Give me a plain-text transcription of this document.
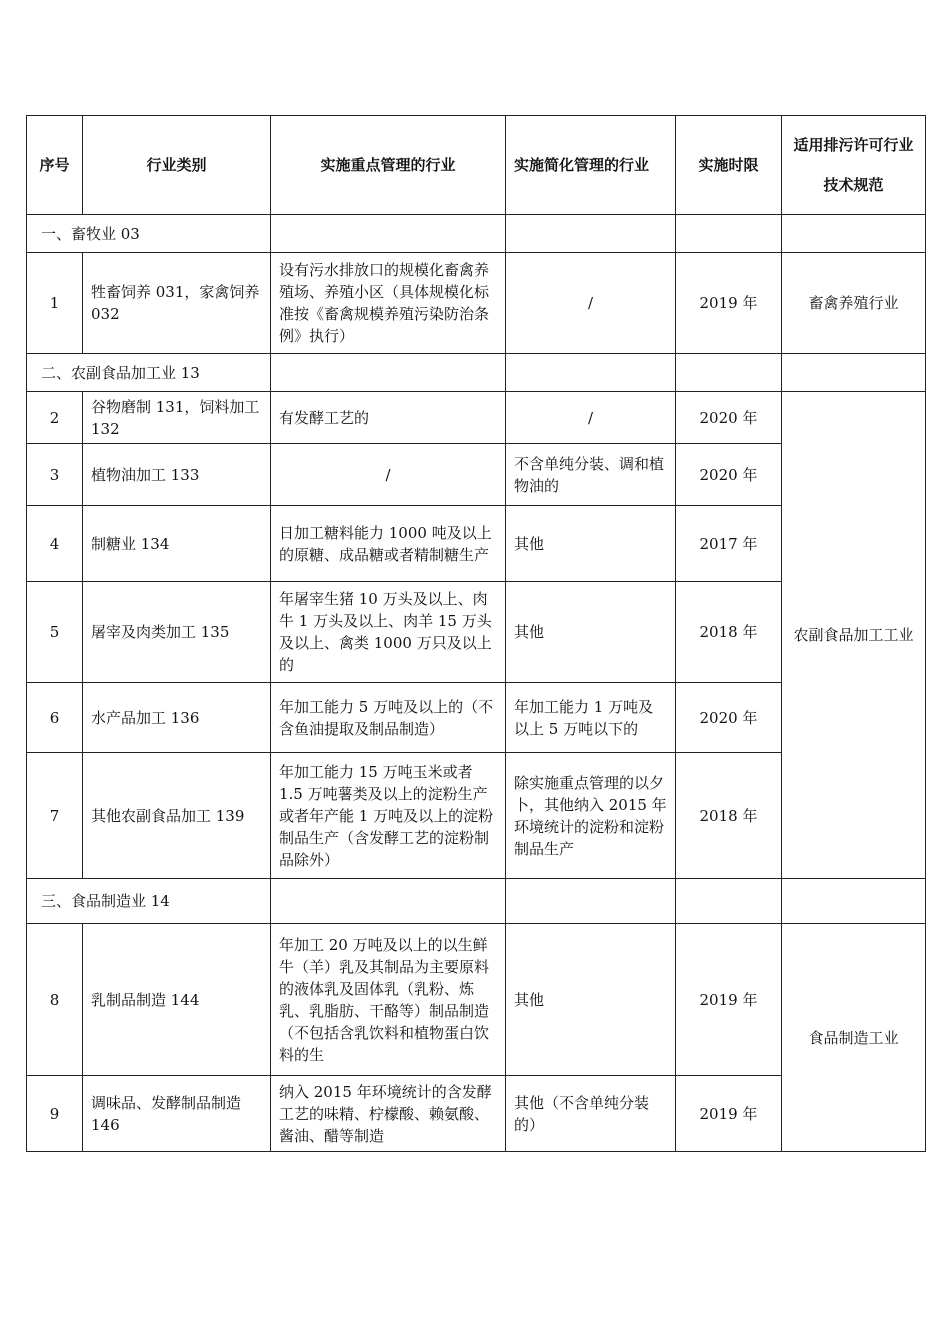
序号	行业类别	实施重点管理的行业	实施简化管理的行业	实施时限	适用排污许可行业
技术规范

一、畜牧业 03					
1	牲畜饲养 031，家禽饲养 032	设有污水排放口的规模化畜禽养殖场、养殖小区（具体规模化标准按《畜禽规模养殖污染防治条例》执行）	/	2019 年	畜禽养殖行业
二、农副食品加工业 13					
2	谷物磨制 131，饲料加工 132	有发酵工艺的	/	2020 年	农副食品加工工业
3	植物油加工 133	/	不含单纯分装、调和植物油的	2020 年	
4	制糖业 134	日加工糖料能力 1000 吨及以上的原糖、成品糖或者精制糖生产	其他	2017 年	
5	屠宰及肉类加工 135	年屠宰生猪 10 万头及以上、肉牛 1 万头及以上、肉羊 15 万头及以上、禽类 1000 万只及以上的	其他	2018 年	
6	水产品加工 136	年加工能力 5 万吨及以上的（不含鱼油提取及制品制造）	年加工能力 1 万吨及以上 5 万吨以下的	2020 年	
7	其他农副食品加工 139	年加工能力 15 万吨玉米或者 1.5 万吨薯类及以上的淀粉生产或者年产能 1 万吨及以上的淀粉制品生产（含发酵工艺的淀粉制品除外）	除实施重点管理的以夕卜，其他纳入 2015 年环境统计的淀粉和淀粉制品生产	2018 年	
三、食品制造业 14					
8	乳制品制造 144	年加工 20 万吨及以上的以生鲜牛（羊）乳及其制品为主要原料的液体乳及固体乳（乳粉、炼乳、乳脂肪、干酪等）制品制造（不包括含乳饮料和植物蛋白饮料的生	其他	2019 年	食品制造工业
9	调味品、发酵制品制造 146	纳入 2015 年环境统计的含发酵工艺的味精、柠檬酸、赖氨酸、酱油、醋等制造	其他（不含单纯分装的）	2019 年	
